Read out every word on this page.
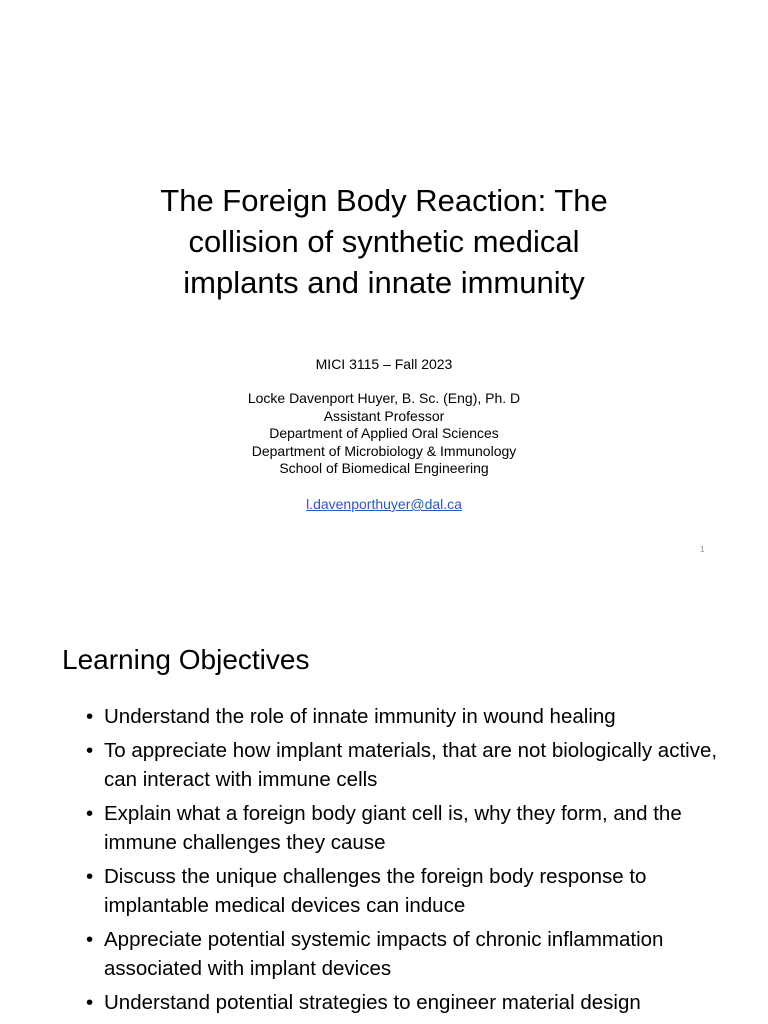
The Foreign Body Reaction: The
collision of synthetic medical
implants and innate immunity
MICI 3115 – Fall 2023
Locke Davenport Huyer, B. Sc. (Eng), Ph. D
Assistant Professor
Department of Applied Oral Sciences
Department of Microbiology & Immunology
School of Biomedical Engineering
l.davenporthuyer@dal.ca
1
Learning Objectives
• Understand the role of innate immunity in wound healing
• To appreciate how implant materials, that are not biologically active, can interact with immune cells
• Explain what a foreign body giant cell is, why they form, and the immune challenges they cause
• Discuss the unique challenges the foreign body response to implantable medical devices can induce
• Appreciate potential systemic impacts of chronic inflammation associated with implant devices
• Understand potential strategies to engineer material design
